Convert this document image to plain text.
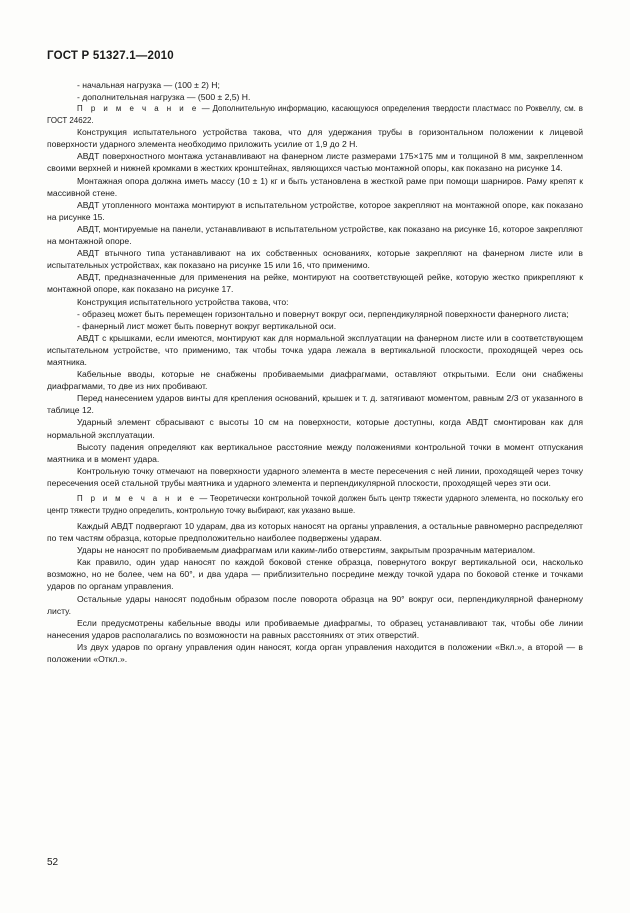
ГОСТ Р 51327.1—2010

- начальная нагрузка — (100 ± 2) Н;

- дополнительная нагрузка — (500 ± 2,5) Н.

П р и м е ч а н и е — Дополнительную информацию, касающуюся определения твердости пластмасс по Роквеллу, см. в ГОСТ 24622.

Конструкция испытательного устройства такова, что для удержания трубы в горизонтальном положении к лицевой поверхности ударного элемента необходимо приложить усилие от 1,9 до 2 Н.

АВДТ поверхностного монтажа устанавливают на фанерном листе размерами 175×175 мм и толщиной 8 мм, закрепленном своими верхней и нижней кромками в жестких кронштейнах, являющихся частью монтажной опоры, как показано на рисунке 14.

Монтажная опора должна иметь массу (10 ± 1) кг и быть установлена в жесткой раме при помощи шарниров. Раму крепят к массивной стене.

АВДТ утопленного монтажа монтируют в испытательном устройстве, которое закрепляют на монтажной опоре, как показано на рисунке 15.

АВДТ, монтируемые на панели, устанавливают в испытательном устройстве, как показано на рисунке 16, которое закрепляют на монтажной опоре.

АВДТ втычного типа устанавливают на их собственных основаниях, которые закрепляют на фанерном листе или в испытательных устройствах, как показано на рисунке 15 или 16, что применимо.

АВДТ, предназначенные для применения на рейке, монтируют на соответствующей рейке, которую жестко прикрепляют к монтажной опоре, как показано на рисунке 17.

Конструкция испытательного устройства такова, что:

- образец может быть перемещен горизонтально и повернут вокруг оси, перпендикулярной поверхности фанерного листа;

- фанерный лист может быть повернут вокруг вертикальной оси.

АВДТ с крышками, если имеются, монтируют как для нормальной эксплуатации на фанерном листе или в соответствующем испытательном устройстве, что применимо, так чтобы точка удара лежала в вертикальной плоскости, проходящей через ось маятника.

Кабельные вводы, которые не снабжены пробиваемыми диафрагмами, оставляют открытыми. Если они снабжены диафрагмами, то две из них пробивают.

Перед нанесением ударов винты для крепления оснований, крышек и т. д. затягивают моментом, равным 2/3 от указанного в таблице 12.

Ударный элемент сбрасывают с высоты 10 см на поверхности, которые доступны, когда АВДТ смонтирован как для нормальной эксплуатации.

Высоту падения определяют как вертикальное расстояние между положениями контрольной точки в момент отпускания маятника и в момент удара.

Контрольную точку отмечают на поверхности ударного элемента в месте пересечения с ней линии, проходящей через точку пересечения осей стальной трубы маятника и ударного элемента и перпендикулярной плоскости, проходящей через эти оси.

П р и м е ч а н и е — Теоретически контрольной точкой должен быть центр тяжести ударного элемента, но поскольку его центр тяжести трудно определить, контрольную точку выбирают, как указано выше.

Каждый АВДТ подвергают 10 ударам, два из которых наносят на органы управления, а остальные равномерно распределяют по тем частям образца, которые предположительно наиболее подвержены ударам.

Удары не наносят по пробиваемым диафрагмам или каким-либо отверстиям, закрытым прозрачным материалом.

Как правило, один удар наносят по каждой боковой стенке образца, повернутого вокруг вертикальной оси, насколько возможно, но не более, чем на 60°, и два удара — приблизительно посредине между точкой удара по боковой стенке и точками ударов по органам управления.

Остальные удары наносят подобным образом после поворота образца на 90° вокруг оси, перпендикулярной фанерному листу.

Если предусмотрены кабельные вводы или пробиваемые диафрагмы, то образец устанавливают так, чтобы обе линии нанесения ударов располагались по возможности на равных расстояниях от этих отверстий.

Из двух ударов по органу управления один наносят, когда орган управления находится в положении «Вкл.», а второй — в положении «Откл.».

52
